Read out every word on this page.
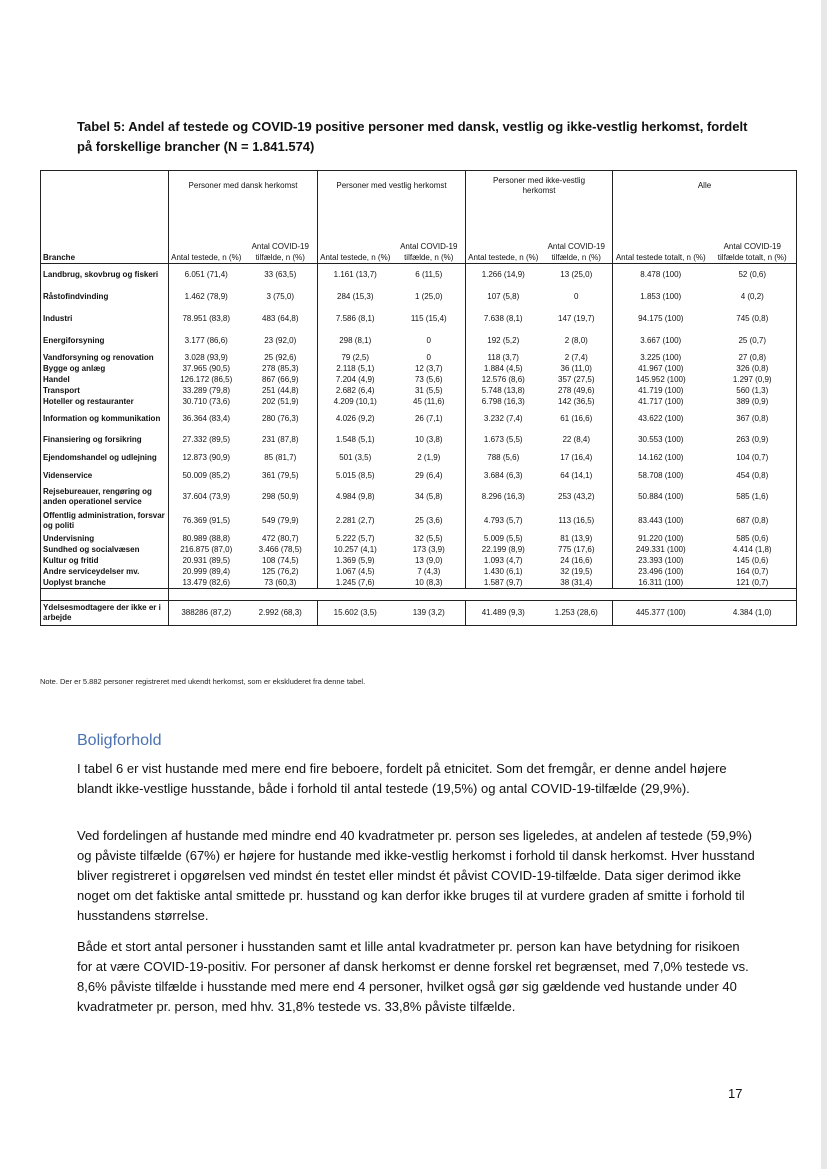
Tabel 5: Andel af testede og COVID-19 positive personer med dansk, vestlig og ikke-vestlig herkomst, fordelt på forskellige brancher (N = 1.841.574)
	Personer med dansk herkomst		Personer med vestlig herkomst		Personer med ikke-vestlig herkomst		Alle	
Branche	Antal testede, n (%)	Antal COVID-19 tilfælde, n (%)	Antal testede, n (%)	Antal COVID-19 tilfælde, n (%)	Antal testede, n (%)	Antal COVID-19 tilfælde, n (%)	Antal testede totalt, n (%)	Antal COVID-19 tilfælde totalt, n (%)
Landbrug, skovbrug og fiskeri	6.051 (71,4)	33 (63,5)	1.161 (13,7)	6 (11,5)	1.266 (14,9)	13 (25,0)	8.478 (100)	52 (0,6)
Råstofindvinding	1.462 (78,9)	3 (75,0)	284 (15,3)	1 (25,0)	107 (5,8)	0	1.853 (100)	4 (0,2)
Industri	78.951 (83,8)	483 (64,8)	7.586 (8,1)	115 (15,4)	7.638 (8,1)	147 (19,7)	94.175 (100)	745 (0,8)
Energiforsyning	3.177 (86,6)	23 (92,0)	298 (8,1)	0	192 (5,2)	2 (8,0)	3.667 (100)	25 (0,7)
Vandforsyning og renovation	3.028 (93,9)	25 (92,6)	79 (2,5)	0	118 (3,7)	2 (7,4)	3.225 (100)	27 (0,8)
Bygge og anlæg	37.965 (90,5)	278 (85,3)	2.118 (5,1)	12 (3,7)	1.884 (4,5)	36 (11,0)	41.967 (100)	326 (0,8)
Handel	126.172 (86,5)	867 (66,9)	7.204 (4,9)	73 (5,6)	12.576 (8,6)	357 (27,5)	145.952 (100)	1.297 (0,9)
Transport	33.289 (79,8)	251 (44,8)	2.682 (6,4)	31 (5,5)	5.748 (13,8)	278 (49,6)	41.719 (100)	560 (1,3)
Hoteller og restauranter	30.710 (73,6)	202 (51,9)	4.209 (10,1)	45 (11,6)	6.798 (16,3)	142 (36,5)	41.717 (100)	389 (0,9)
Information og kommunikation	36.364 (83,4)	280 (76,3)	4.026 (9,2)	26 (7,1)	3.232 (7,4)	61 (16,6)	43.622 (100)	367 (0,8)
Finansiering og forsikring	27.332 (89,5)	231 (87,8)	1.548 (5,1)	10 (3,8)	1.673 (5,5)	22 (8,4)	30.553 (100)	263 (0,9)
Ejendomshandel og udlejning	12.873 (90,9)	85 (81,7)	501 (3,5)	2 (1,9)	788 (5,6)	17 (16,4)	14.162 (100)	104 (0,7)
Videnservice	50.009 (85,2)	361 (79,5)	5.015 (8,5)	29 (6,4)	3.684 (6,3)	64 (14,1)	58.708 (100)	454 (0,8)
Rejsebureauer, rengøring og anden operationel service	37.604 (73,9)	298 (50,9)	4.984 (9,8)	34 (5,8)	8.296 (16,3)	253 (43,2)	50.884 (100)	585 (1,6)
Offentlig administration, forsvar og politi	76.369 (91,5)	549 (79,9)	2.281 (2,7)	25 (3,6)	4.793 (5,7)	113 (16,5)	83.443 (100)	687 (0,8)
Undervisning	80.989 (88,8)	472 (80,7)	5.222 (5,7)	32 (5,5)	5.009 (5,5)	81 (13,9)	91.220 (100)	585 (0,6)
Sundhed og socialvæsen	216.875 (87,0)	3.466 (78,5)	10.257 (4,1)	173 (3,9)	22.199 (8,9)	775 (17,6)	249.331 (100)	4.414 (1,8)
Kultur og fritid	20.931 (89,5)	108 (74,5)	1.369 (5,9)	13 (9,0)	1.093 (4,7)	24 (16,6)	23.393 (100)	145 (0,6)
Andre serviceydelser mv.	20.999 (89,4)	125 (76,2)	1.067 (4,5)	7 (4,3)	1.430 (6,1)	32 (19,5)	23.496 (100)	164 (0,7)
Uoplyst branche	13.479 (82,6)	73 (60,3)	1.245 (7,6)	10 (8,3)	1.587 (9,7)	38 (31,4)	16.311 (100)	121 (0,7)

Ydelsesmodtagere der ikke er i arbejde	388286 (87,2)	2.992 (68,3)	15.602 (3,5)	139 (3,2)	41.489 (9,3)	1.253 (28,6)	445.377 (100)	4.384 (1,0)
Note. Der er 5.882 personer registreret med ukendt herkomst, som er ekskluderet fra denne tabel.
Boligforhold
I tabel 6 er vist hustande med mere end fire beboere, fordelt på etnicitet. Som det fremgår, er denne andel højere blandt ikke-vestlige husstande, både i forhold til antal testede (19,5%) og antal COVID-19-tilfælde (29,9%).
Ved fordelingen af hustande med mindre end 40 kvadratmeter pr. person ses ligeledes, at andelen af testede (59,9%) og påviste tilfælde (67%) er højere for hustande med ikke-vestlig herkomst i forhold til dansk herkomst. Hver husstand bliver registreret i opgørelsen ved mindst én testet eller mindst ét påvist COVID-19-tilfælde. Data siger derimod ikke noget om det faktiske antal smittede pr. husstand og kan derfor ikke bruges til at vurdere graden af smitte i forhold til husstandens størrelse.
Både et stort antal personer i husstanden samt et lille antal kvadratmeter pr. person kan have betydning for risikoen for at være COVID-19-positiv. For personer af dansk herkomst er denne forskel ret begrænset, med 7,0% testede vs. 8,6% påviste tilfælde i husstande med mere end 4 personer, hvilket også gør sig gældende ved hustande under 40 kvadratmeter pr. person, med hhv. 31,8% testede vs. 33,8% påviste tilfælde.
17
